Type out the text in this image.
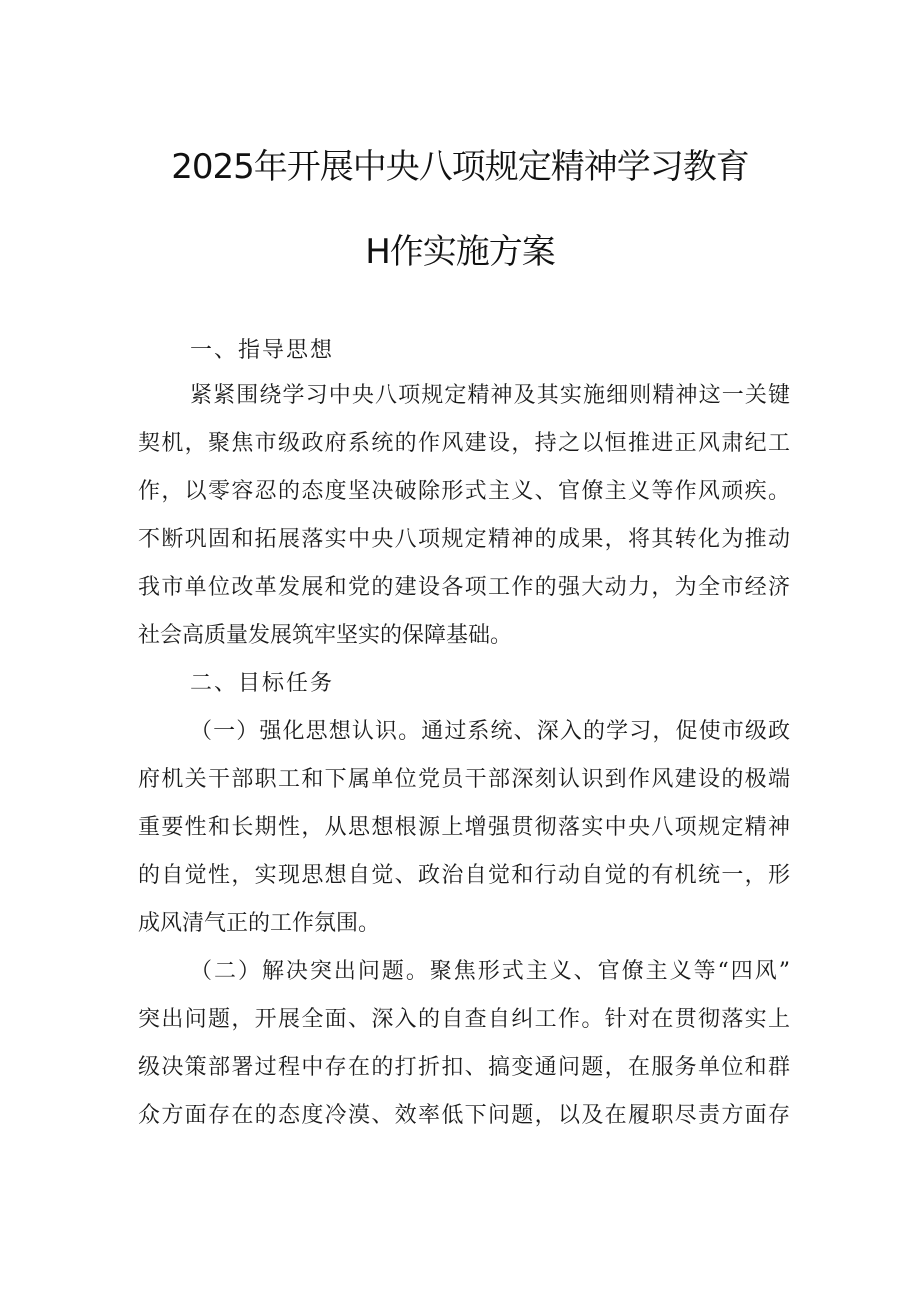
2025年开展中央八项规定精神学习教育
H作实施方案
一、指导思想
紧紧围绕学习中央八项规定精神及其实施细则精神这一关键
契机，聚焦市级政府系统的作风建设，持之以恒推进正风肃纪工
作，以零容忍的态度坚决破除形式主义、官僚主义等作风顽疾。
不断巩固和拓展落实中央八项规定精神的成果，将其转化为推动
我市单位改革发展和党的建设各项工作的强大动力，为全市经济
社会高质量发展筑牢坚实的保障基础。
二、目标任务
（一）强化思想认识。通过系统、深入的学习，促使市级政
府机关干部职工和下属单位党员干部深刻认识到作风建设的极端
重要性和长期性，从思想根源上增强贯彻落实中央八项规定精神
的自觉性，实现思想自觉、政治自觉和行动自觉的有机统一，形
成风清气正的工作氛围。
（二）解决突出问题。聚焦形式主义、官僚主义等“四风”
突出问题，开展全面、深入的自查自纠工作。针对在贯彻落实上
级决策部署过程中存在的打折扣、搞变通问题，在服务单位和群
众方面存在的态度冷漠、效率低下问题，以及在履职尽责方面存
